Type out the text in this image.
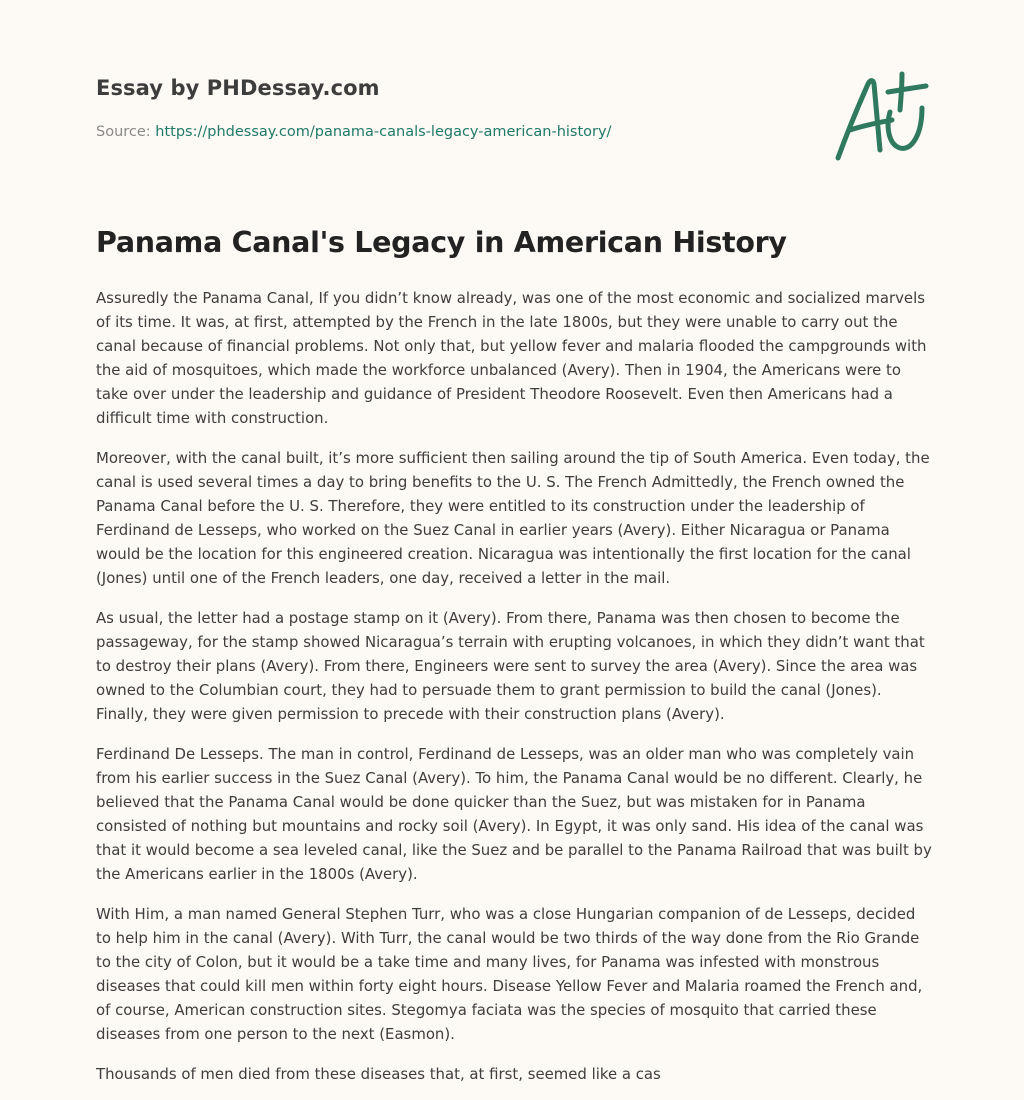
Essay by PHDessay.com
Source: https://phdessay.com/panama-canals-legacy-american-history/
Panama Canal's Legacy in American History

Assuredly the Panama Canal, If you didn’t know already, was one of the most economic and socialized marvels of its time. It was, at first, attempted by the French in the late 1800s, but they were unable to carry out the canal because of financial problems. Not only that, but yellow fever and malaria flooded the campgrounds with the aid of mosquitoes, which made the workforce unbalanced (Avery). Then in 1904, the Americans were to take over under the leadership and guidance of President Theodore Roosevelt. Even then Americans had a difficult time with construction.

Moreover, with the canal built, it’s more sufficient then sailing around the tip of South America. Even today, the canal is used several times a day to bring benefits to the U. S. The French Admittedly, the French owned the Panama Canal before the U. S. Therefore, they were entitled to its construction under the leadership of Ferdinand de Lesseps, who worked on the Suez Canal in earlier years (Avery). Either Nicaragua or Panama would be the location for this engineered creation. Nicaragua was intentionally the first location for the canal (Jones) until one of the French leaders, one day, received a letter in the mail.

As usual, the letter had a postage stamp on it (Avery). From there, Panama was then chosen to become the passageway, for the stamp showed Nicaragua’s terrain with erupting volcanoes, in which they didn’t want that to destroy their plans (Avery). From there, Engineers were sent to survey the area (Avery). Since the area was owned to the Columbian court, they had to persuade them to grant permission to build the canal (Jones). Finally, they were given permission to precede with their construction plans (Avery).

Ferdinand De Lesseps. The man in control, Ferdinand de Lesseps, was an older man who was completely vain from his earlier success in the Suez Canal (Avery). To him, the Panama Canal would be no different. Clearly, he believed that the Panama Canal would be done quicker than the Suez, but was mistaken for in Panama consisted of nothing but mountains and rocky soil (Avery). In Egypt, it was only sand. His idea of the canal was that it would become a sea leveled canal, like the Suez and be parallel to the Panama Railroad that was built by the Americans earlier in the 1800s (Avery).

With Him, a man named General Stephen Turr, who was a close Hungarian companion of de Lesseps, decided to help him in the canal (Avery). With Turr, the canal would be two thirds of the way done from the Rio Grande to the city of Colon, but it would be a take time and many lives, for Panama was infested with monstrous diseases that could kill men within forty eight hours. Disease Yellow Fever and Malaria roamed the French and, of course, American construction sites. Stegomya faciata was the species of mosquito that carried these diseases from one person to the next (Easmon).

Thousands of men died from these diseases that, at first, seemed like a cas
